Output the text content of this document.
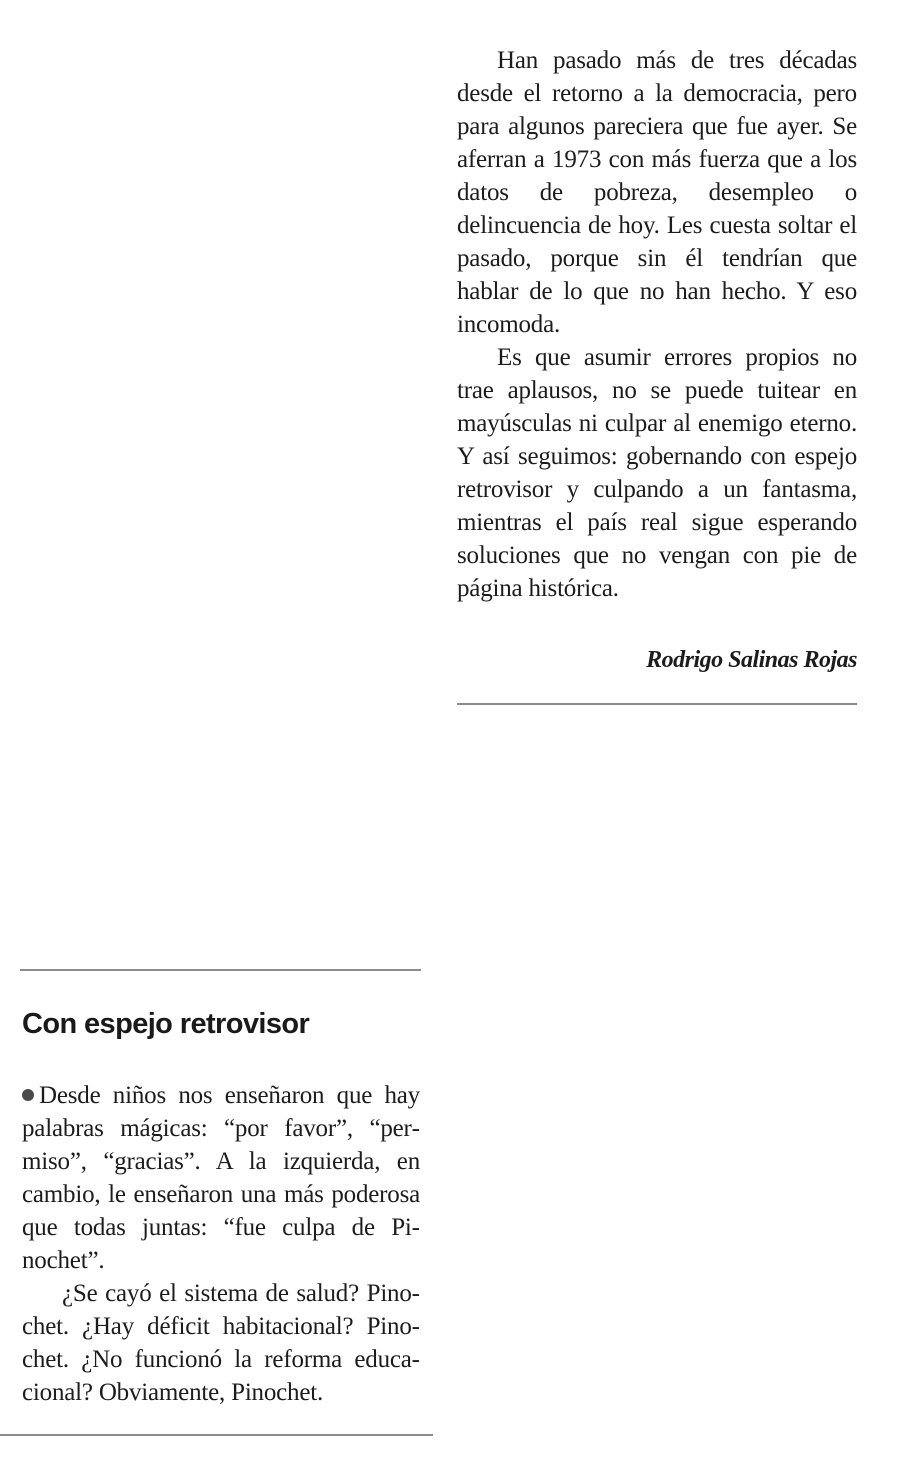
Han pasado más de tres décadas desde el retorno a la democracia, pero para algunos pareciera que fue ayer. Se aferran a 1973 con más fuerza que a los datos de pobreza, desempleo o delincuencia de hoy. Les cuesta soltar el pasado, porque sin él tendrían que hablar de lo que no han hecho. Y eso incomoda.

Es que asumir errores propios no trae aplausos, no se puede tuitear en mayúsculas ni culpar al enemigo eterno. Y así seguimos: gobernando con espejo retrovisor y culpando a un fantasma, mientras el país real sigue esperando soluciones que no vengan con pie de página histórica.

Rodrigo Salinas Rojas
Con espejo retrovisor

Desde niños nos enseñaron que hay palabras mágicas: “por favor”, “permiso”, “gracias”. A la izquierda, en cambio, le enseñaron una más poderosa que todas juntas: “fue culpa de Pinochet”.

¿Se cayó el sistema de salud? Pinochet. ¿Hay déficit habitacional? Pinochet. ¿No funcionó la reforma educacional? Obviamente, Pinochet.
